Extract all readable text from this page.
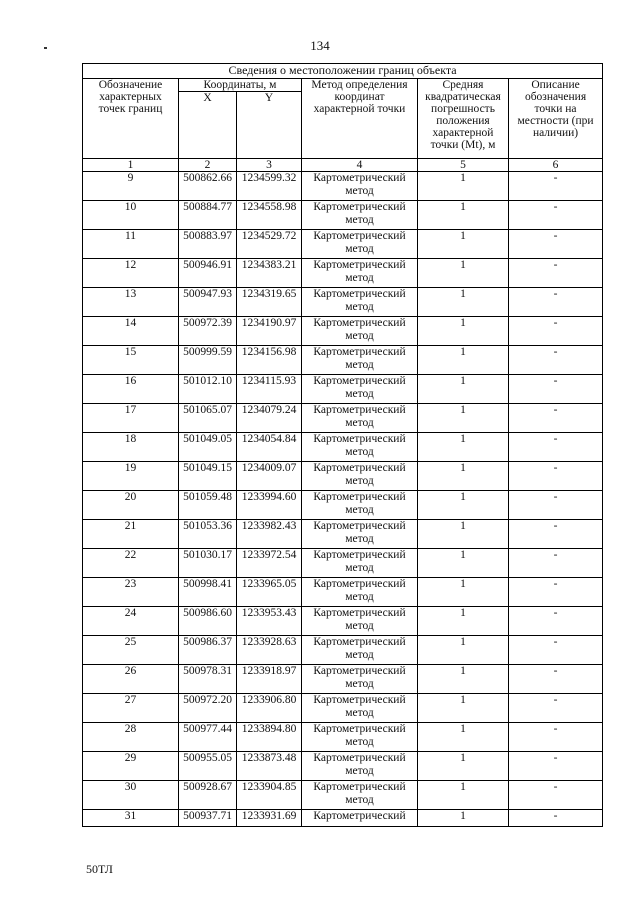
134
Сведения о местоположении границ объекта					
Обозначение характерных точек границ	Координаты, м		Метод определения координат характерной точки	Средняя квадратическая погрешность положения характерной точки (Mt), м	Описание обозначения точки на местности (при наличии)
	X	Y			
1	2	3	4	5	6
9	500862.66	1234599.32	Картометрический метод	1	-
10	500884.77	1234558.98	Картометрический метод	1	-
11	500883.97	1234529.72	Картометрический метод	1	-
12	500946.91	1234383.21	Картометрический метод	1	-
13	500947.93	1234319.65	Картометрический метод	1	-
14	500972.39	1234190.97	Картометрический метод	1	-
15	500999.59	1234156.98	Картометрический метод	1	-
16	501012.10	1234115.93	Картометрический метод	1	-
17	501065.07	1234079.24	Картометрический метод	1	-
18	501049.05	1234054.84	Картометрический метод	1	-
19	501049.15	1234009.07	Картометрический метод	1	-
20	501059.48	1233994.60	Картометрический метод	1	-
21	501053.36	1233982.43	Картометрический метод	1	-
22	501030.17	1233972.54	Картометрический метод	1	-
23	500998.41	1233965.05	Картометрический метод	1	-
24	500986.60	1233953.43	Картометрический метод	1	-
25	500986.37	1233928.63	Картометрический метод	1	-
26	500978.31	1233918.97	Картометрический метод	1	-
27	500972.20	1233906.80	Картометрический метод	1	-
28	500977.44	1233894.80	Картометрический метод	1	-
29	500955.05	1233873.48	Картометрический метод	1	-
30	500928.67	1233904.85	Картометрический метод	1	-
31	500937.71	1233931.69	Картометрический	1	-
50ТЛ
